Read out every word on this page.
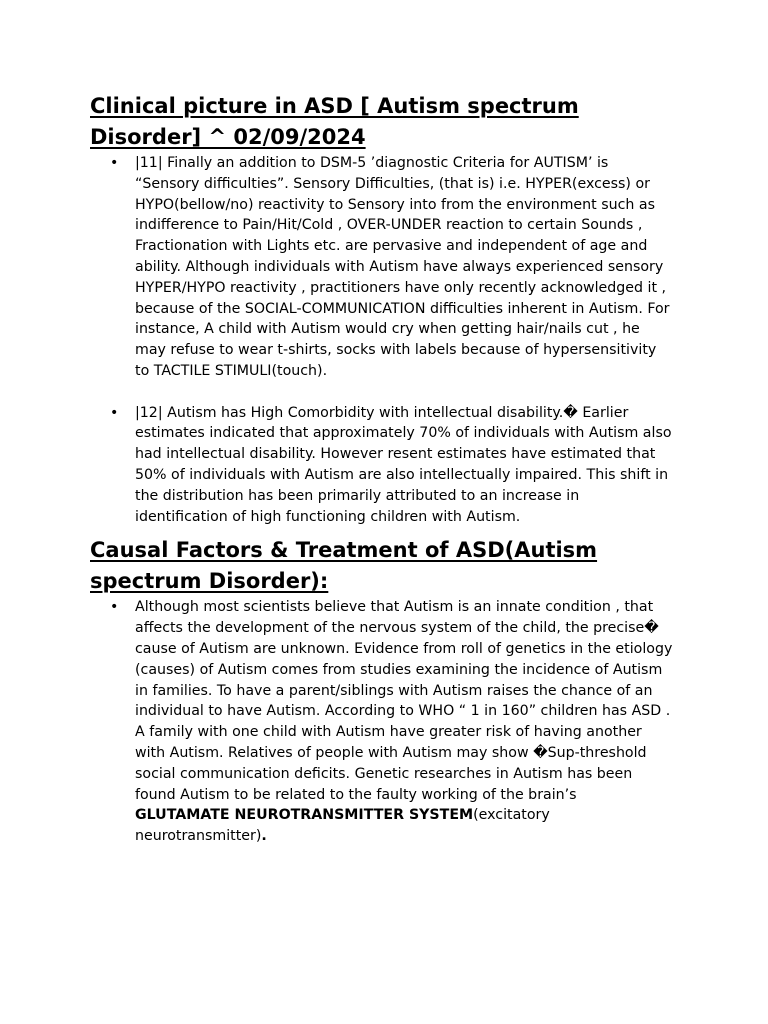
Clinical picture in ASD [ Autism spectrum Disorder] ^ 02/09/2024
• |11| Finally an addition to DSM-5 ’diagnostic Criteria for AUTISM’ is “Sensory difficulties”. Sensory Difficulties, (that is) i.e. HYPER(excess) or HYPO(bellow/no) reactivity to Sensory into from the environment such as indifference to Pain/Hit/Cold , OVER-UNDER reaction to certain Sounds , Fractionation with Lights etc. are pervasive and independent of age and ability. Although individuals with Autism have always experienced sensory HYPER/HYPO reactivity , practitioners have only recently acknowledged it , because of the SOCIAL-COMMUNICATION difficulties inherent in Autism. For instance, A child with Autism would cry when getting hair/nails cut , he may refuse to wear t-shirts, socks with labels because of hypersensitivity to TACTILE STIMULI(touch).
• |12| Autism has High Comorbidity with intellectual disability.� Earlier estimates indicated that approximately 70% of individuals with Autism also had intellectual disability. However resent estimates have estimated that 50% of individuals with Autism are also intellectually impaired. This shift in the distribution has been primarily attributed to an increase in identification of high functioning children with Autism.
Causal Factors & Treatment of ASD(Autism spectrum Disorder):
• Although most scientists believe that Autism is an innate condition , that affects the development of the nervous system of the child, the precise� cause of Autism are unknown. Evidence from roll of genetics in the etiology (causes) of Autism comes from studies examining the incidence of Autism in families. To have a parent/siblings with Autism raises the chance of an individual to have Autism. According to WHO “ 1 in 160” children has ASD . A family with one child with Autism have greater risk of having another with Autism. Relatives of people with Autism may show �Sup-threshold social communication deficits. Genetic researches in Autism has been found Autism to be related to the faulty working of the brain’s GLUTAMATE NEUROTRANSMITTER SYSTEM(excitatory neurotransmitter).
